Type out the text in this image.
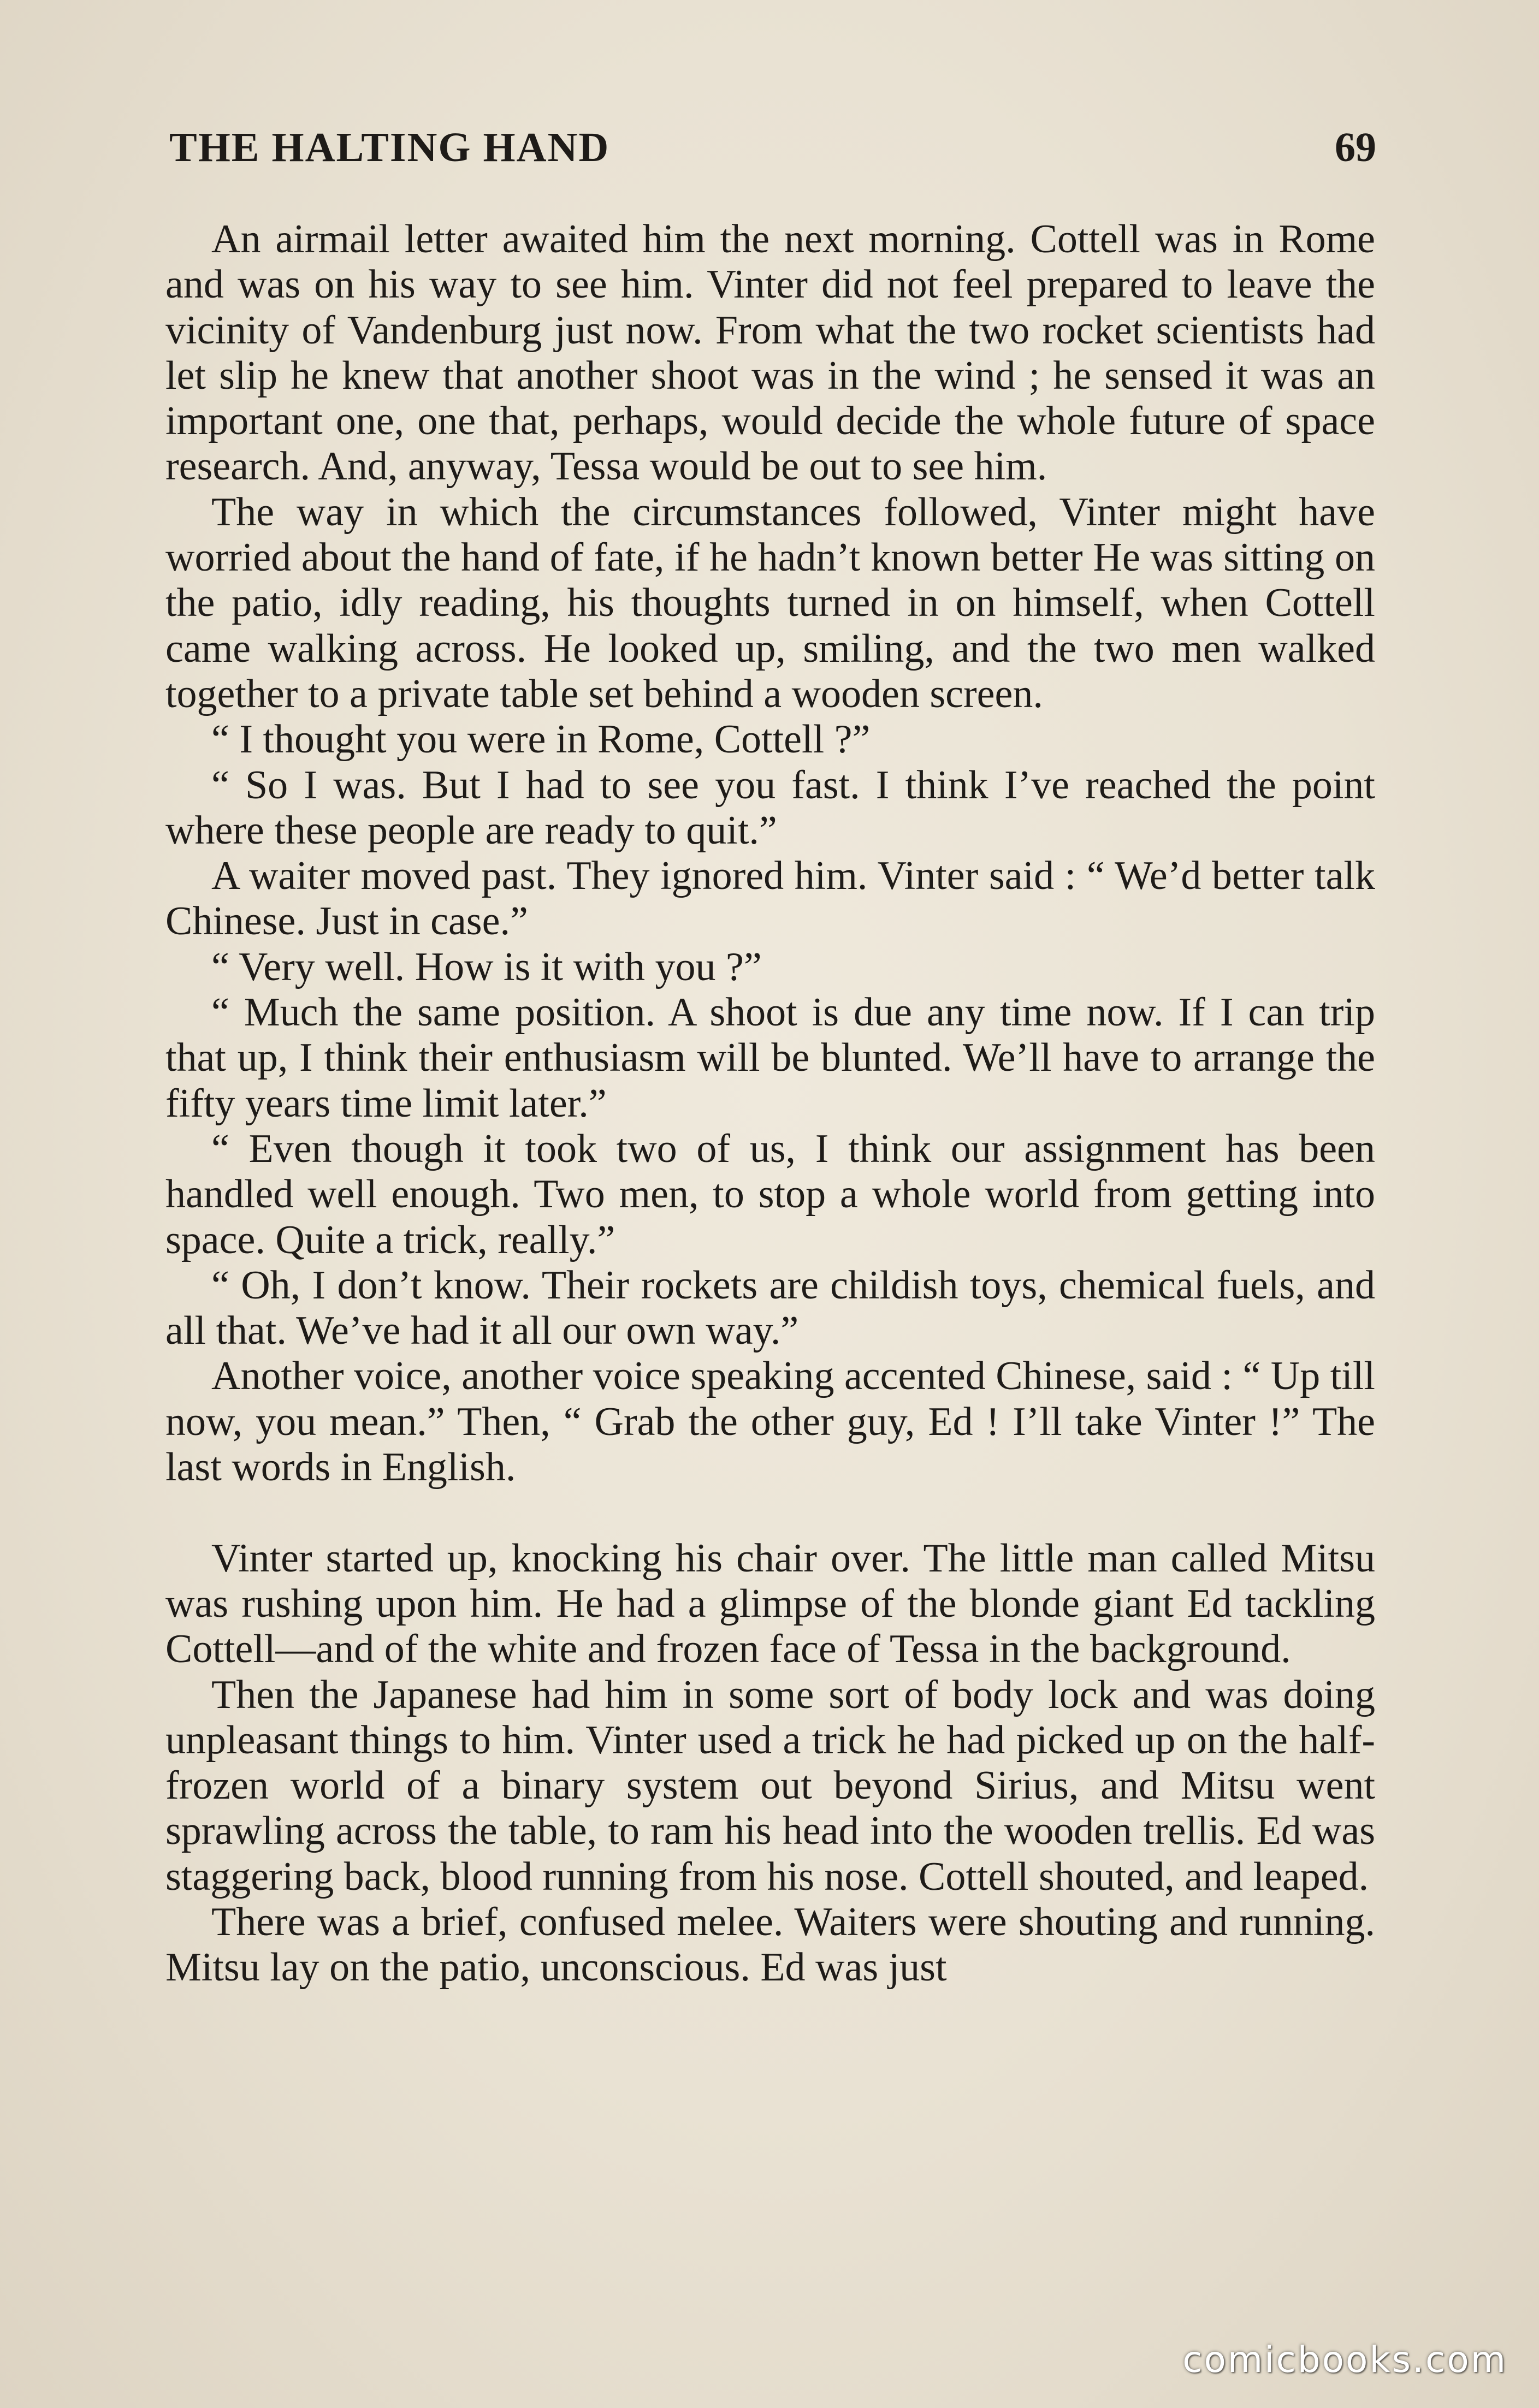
THE HALTING HAND	69

An airmail letter awaited him the next morning. Cottell was in Rome and was on his way to see him. Vinter did not feel prepared to leave the vicinity of Vandenburg just now. From what the two rocket scientists had let slip he knew that another shoot was in the wind ; he sensed it was an important one, one that, perhaps, would decide the whole future of space research. And, anyway, Tessa would be out to see him.

The way in which the circumstances followed, Vinter might have worried about the hand of fate, if he hadn’t known better He was sitting on the patio, idly reading, his thoughts turned in on himself, when Cottell came walking across. He looked up, smiling, and the two men walked together to a private table set behind a wooden screen.

“ I thought you were in Rome, Cottell ?”

“ So I was. But I had to see you fast. I think I’ve reached the point where these people are ready to quit.”

A waiter moved past. They ignored him. Vinter said : “ We’d better talk Chinese. Just in case.”

“ Very well. How is it with you ?”

“ Much the same position. A shoot is due any time now. If I can trip that up, I think their enthusiasm will be blunted. We’ll have to arrange the fifty years time limit later.”

“ Even though it took two of us, I think our assignment has been handled well enough. Two men, to stop a whole world from getting into space. Quite a trick, really.”

“ Oh, I don’t know. Their rockets are childish toys, chemical fuels, and all that. We’ve had it all our own way.”

Another voice, another voice speaking accented Chinese, said : “ Up till now, you mean.” Then, “ Grab the other guy, Ed ! I’ll take Vinter !” The last words in English.

Vinter started up, knocking his chair over. The little man called Mitsu was rushing upon him. He had a glimpse of the blonde giant Ed tackling Cottell—and of the white and frozen face of Tessa in the background.

Then the Japanese had him in some sort of body lock and was doing unpleasant things to him. Vinter used a trick he had picked up on the half-frozen world of a binary system out beyond Sirius, and Mitsu went sprawling across the table, to ram his head into the wooden trellis. Ed was staggering back, blood running from his nose. Cottell shouted, and leaped.

There was a brief, confused melee. Waiters were shouting and running. Mitsu lay on the patio, unconscious. Ed was just

comicbooks.com
